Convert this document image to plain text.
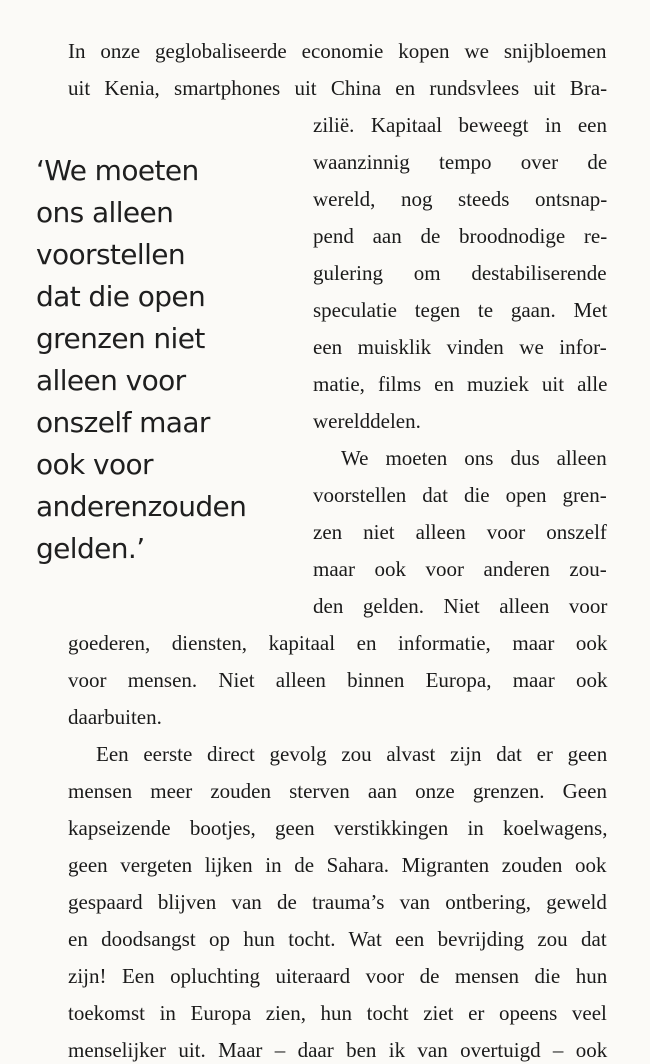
‘We moeten
ons alleen
voorstellen
dat die open
grenzen niet
alleen voor
onszelf maar
ook voor
anderenzouden
gelden.’
In onze geglobaliseerde economie kopen we snijbloemen
uit Kenia, smartphones uit China en rundsvlees uit Bra-
zilië. Kapitaal beweegt in een
waanzinnig tempo over de
wereld, nog steeds ontsnap-
pend aan de broodnodige re-
gulering om destabiliserende
speculatie tegen te gaan. Met
een muisklik vinden we infor-
matie, films en muziek uit alle
werelddelen.
We moeten ons dus alleen
voorstellen dat die open gren-
zen niet alleen voor onszelf
maar ook voor anderen zou-
den gelden. Niet alleen voor
goederen, diensten, kapitaal en informatie, maar ook
voor mensen. Niet alleen binnen Europa, maar ook
daarbuiten.
Een eerste direct gevolg zou alvast zijn dat er geen
mensen meer zouden sterven aan onze grenzen. Geen
kapseizende bootjes, geen verstikkingen in koelwagens,
geen vergeten lijken in de Sahara. Migranten zouden ook
gespaard blijven van de trauma’s van ontbering, geweld
en doodsangst op hun tocht. Wat een bevrijding zou dat
zijn! Een opluchting uiteraard voor de mensen die hun
toekomst in Europa zien, hun tocht ziet er opeens veel
menselijker uit. Maar – daar ben ik van overtuigd – ook
